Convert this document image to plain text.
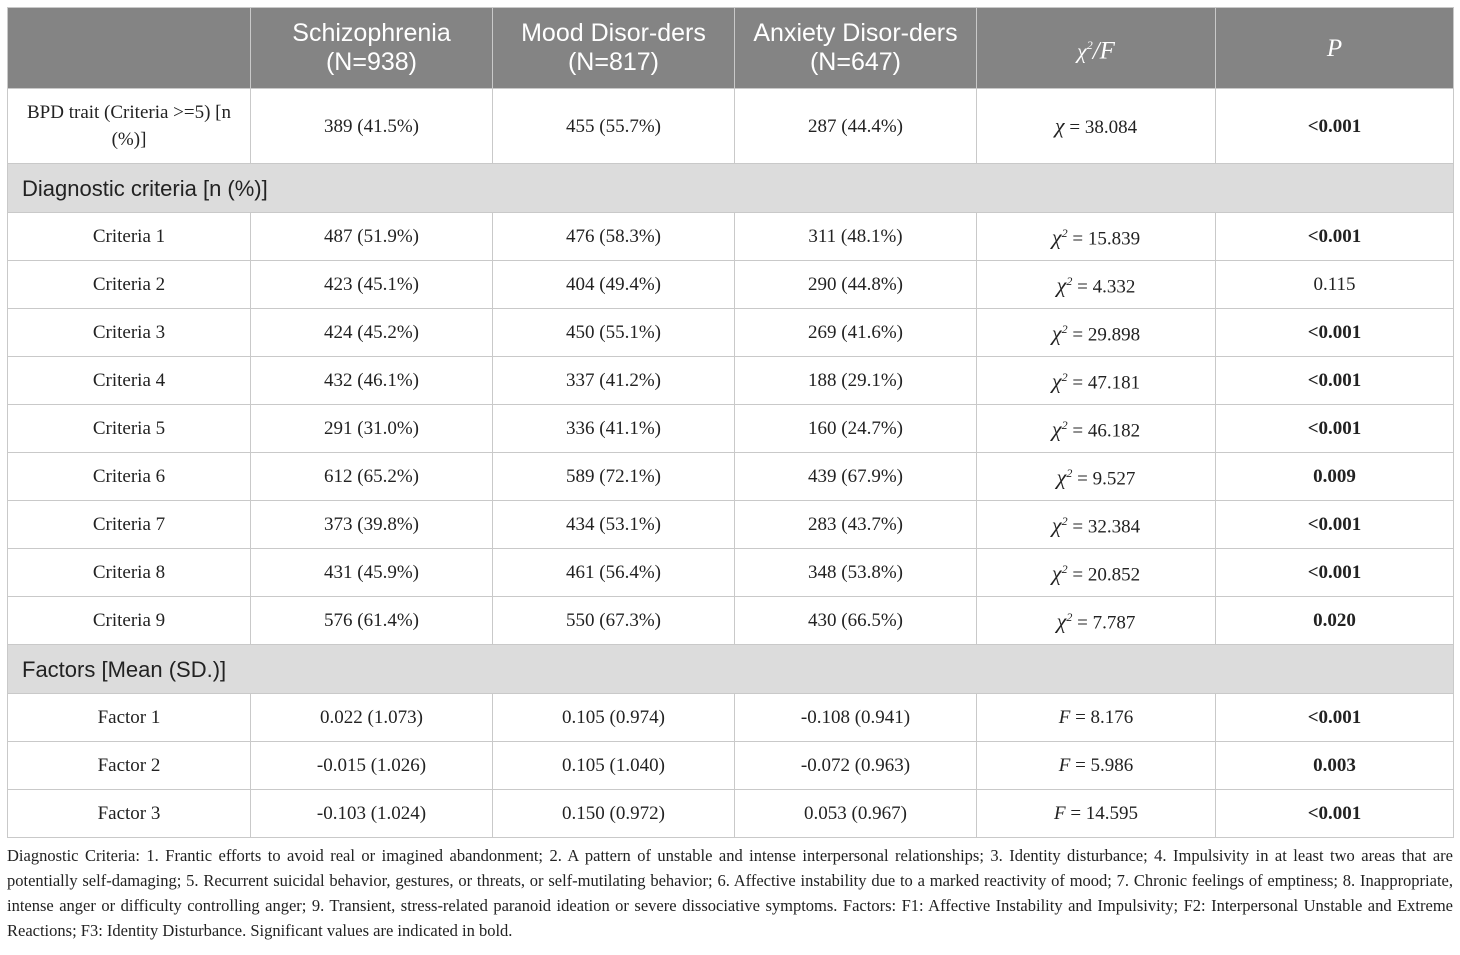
	Schizophrenia (N=938)	Mood Disor-ders (N=817)	Anxiety Disor-ders (N=647)	$\chi^2/F$	P
BPD trait (Criteria >=5) [n (%)]	389 (41.5%)	455 (55.7%)	287 (44.4%)	χ = 38.084	<0.001
Diagnostic criteria [n (%)]					
Criteria 1	487 (51.9%)	476 (58.3%)	311 (48.1%)	$\chi^2 = 15.839$	<0.001
Criteria 2	423 (45.1%)	404 (49.4%)	290 (44.8%)	$\chi^2 = 4.332$	0.115
Criteria 3	424 (45.2%)	450 (55.1%)	269 (41.6%)	$\chi^2 = 29.898$	<0.001
Criteria 4	432 (46.1%)	337 (41.2%)	188 (29.1%)	$\chi^2 = 47.181$	<0.001
Criteria 5	291 (31.0%)	336 (41.1%)	160 (24.7%)	$\chi^2 = 46.182$	<0.001
Criteria 6	612 (65.2%)	589 (72.1%)	439 (67.9%)	$\chi^2 = 9.527$	0.009
Criteria 7	373 (39.8%)	434 (53.1%)	283 (43.7%)	$\chi^2 = 32.384$	<0.001
Criteria 8	431 (45.9%)	461 (56.4%)	348 (53.8%)	$\chi^2 = 20.852$	<0.001
Criteria 9	576 (61.4%)	550 (67.3%)	430 (66.5%)	$\chi^2 = 7.787$	0.020
Factors [Mean (SD.)]					
Factor 1	0.022 (1.073)	0.105 (0.974)	-0.108 (0.941)	F = 8.176	<0.001
Factor 2	-0.015 (1.026)	0.105 (1.040)	-0.072 (0.963)	F = 5.986	0.003
Factor 3	-0.103 (1.024)	0.150 (0.972)	0.053 (0.967)	F = 14.595	<0.001
Diagnostic Criteria: 1. Frantic efforts to avoid real or imagined abandonment; 2. A pattern of unstable and intense interpersonal relationships; 3. Identity disturbance; 4. Impulsivity in at least two areas that are potentially self-damaging; 5. Recurrent suicidal behavior, gestures, or threats, or self-mutilating behavior; 6. Affective instability due to a marked reactivity of mood; 7. Chronic feelings of emptiness; 8. Inappropriate, intense anger or difficulty controlling anger; 9. Transient, stress-related paranoid ideation or severe dissociative symptoms. Factors: F1: Affective Instability and Impulsivity; F2: Interpersonal Unstable and Extreme Reactions; F3: Identity Disturbance. Significant values are indicated in bold.
